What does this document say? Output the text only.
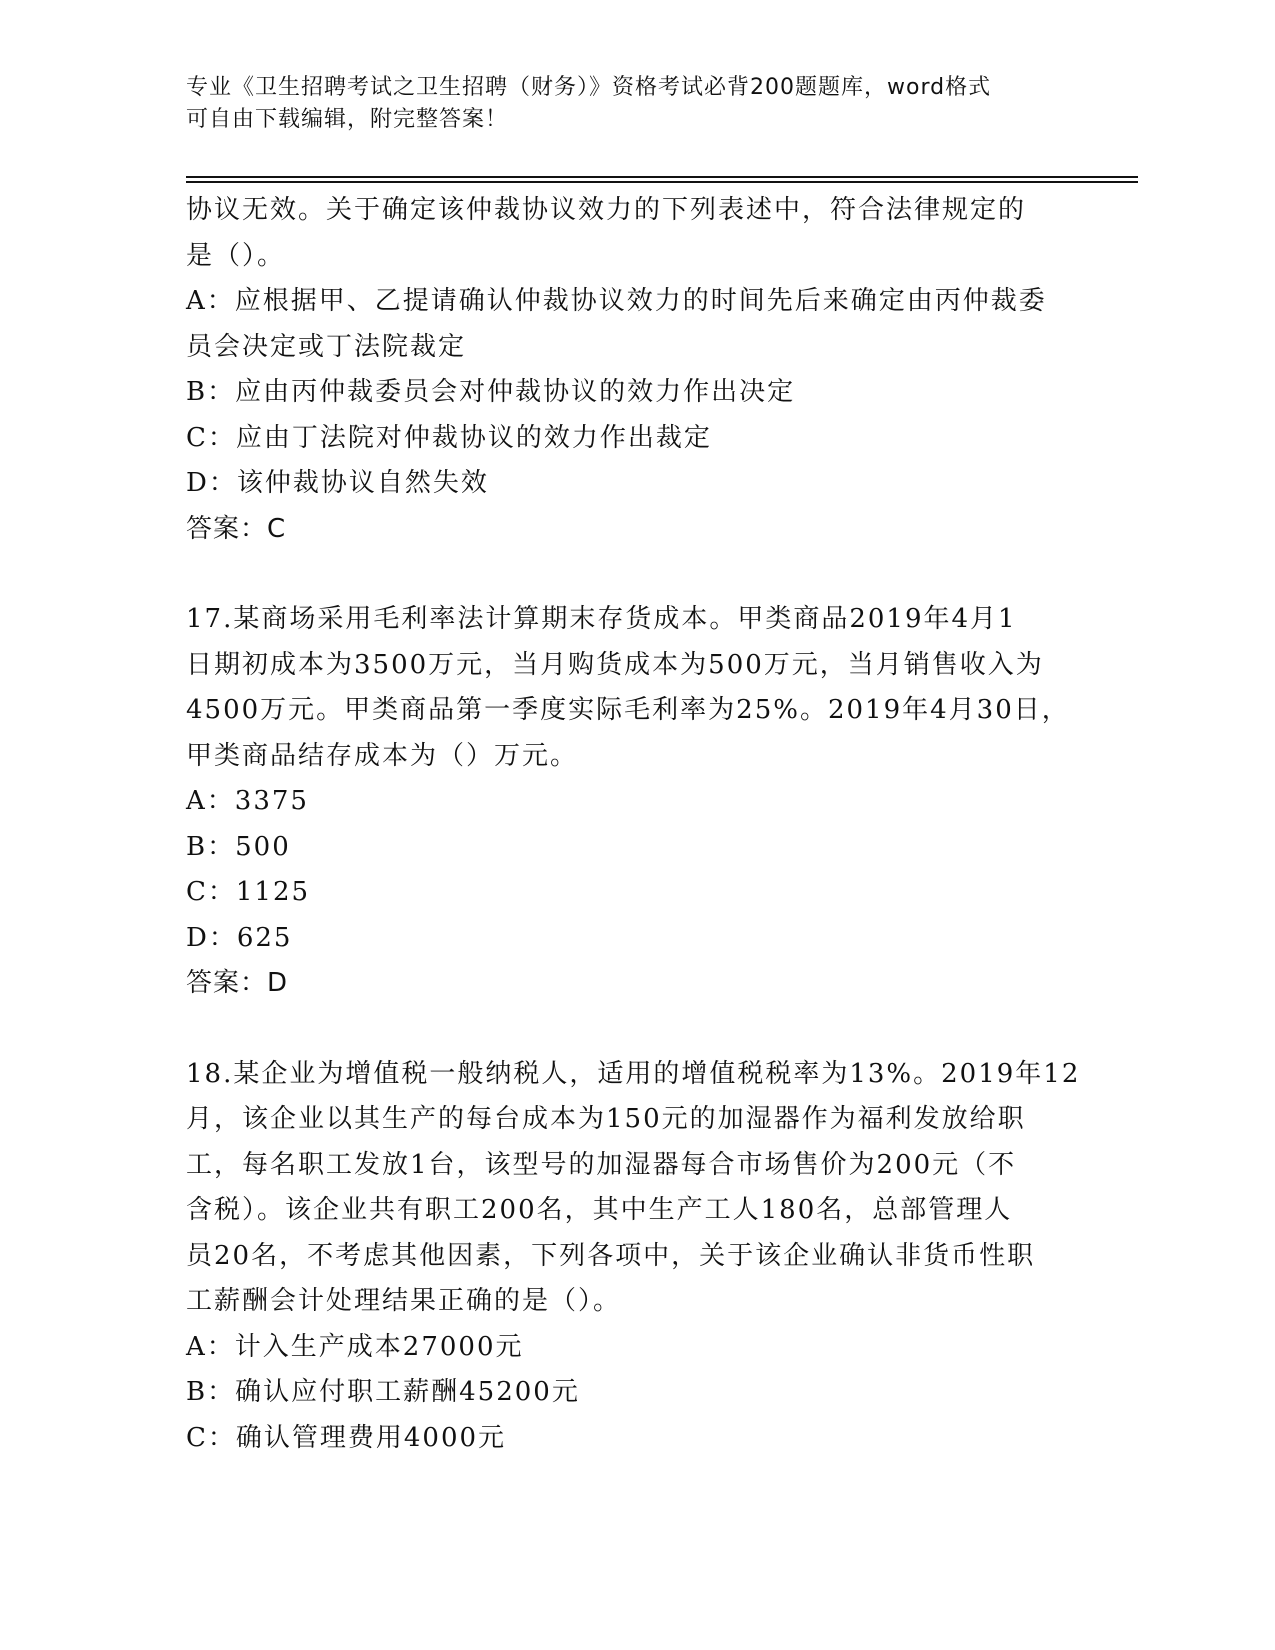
专业《卫生招聘考试之卫生招聘（财务）》资格考试必背200题题库，word格式
可自由下载编辑，附完整答案！
协议无效。关于确定该仲裁协议效力的下列表述中，符合法律规定的
是（）。
A：应根据甲、乙提请确认仲裁协议效力的时间先后来确定由丙仲裁委
员会决定或丁法院裁定
B：应由丙仲裁委员会对仲裁协议的效力作出决定
C：应由丁法院对仲裁协议的效力作出裁定
D：该仲裁协议自然失效
答案：C
17.某商场采用毛利率法计算期末存货成本。甲类商品2019年4月1
日期初成本为3500万元，当月购货成本为500万元，当月销售收入为
4500万元。甲类商品第一季度实际毛利率为25%。2019年4月30日，
甲类商品结存成本为（）万元。
A：3375
B：500
C：1125
D：625
答案：D
18.某企业为增值税一般纳税人，适用的增值税税率为13%。2019年12
月，该企业以其生产的每台成本为150元的加湿器作为福利发放给职
工，每名职工发放1台，该型号的加湿器每合市场售价为200元（不
含税）。该企业共有职工200名，其中生产工人180名，总部管理人
员20名，不考虑其他因素，下列各项中，关于该企业确认非货币性职
工薪酬会计处理结果正确的是（）。
A：计入生产成本27000元
B：确认应付职工薪酬45200元
C：确认管理费用4000元
